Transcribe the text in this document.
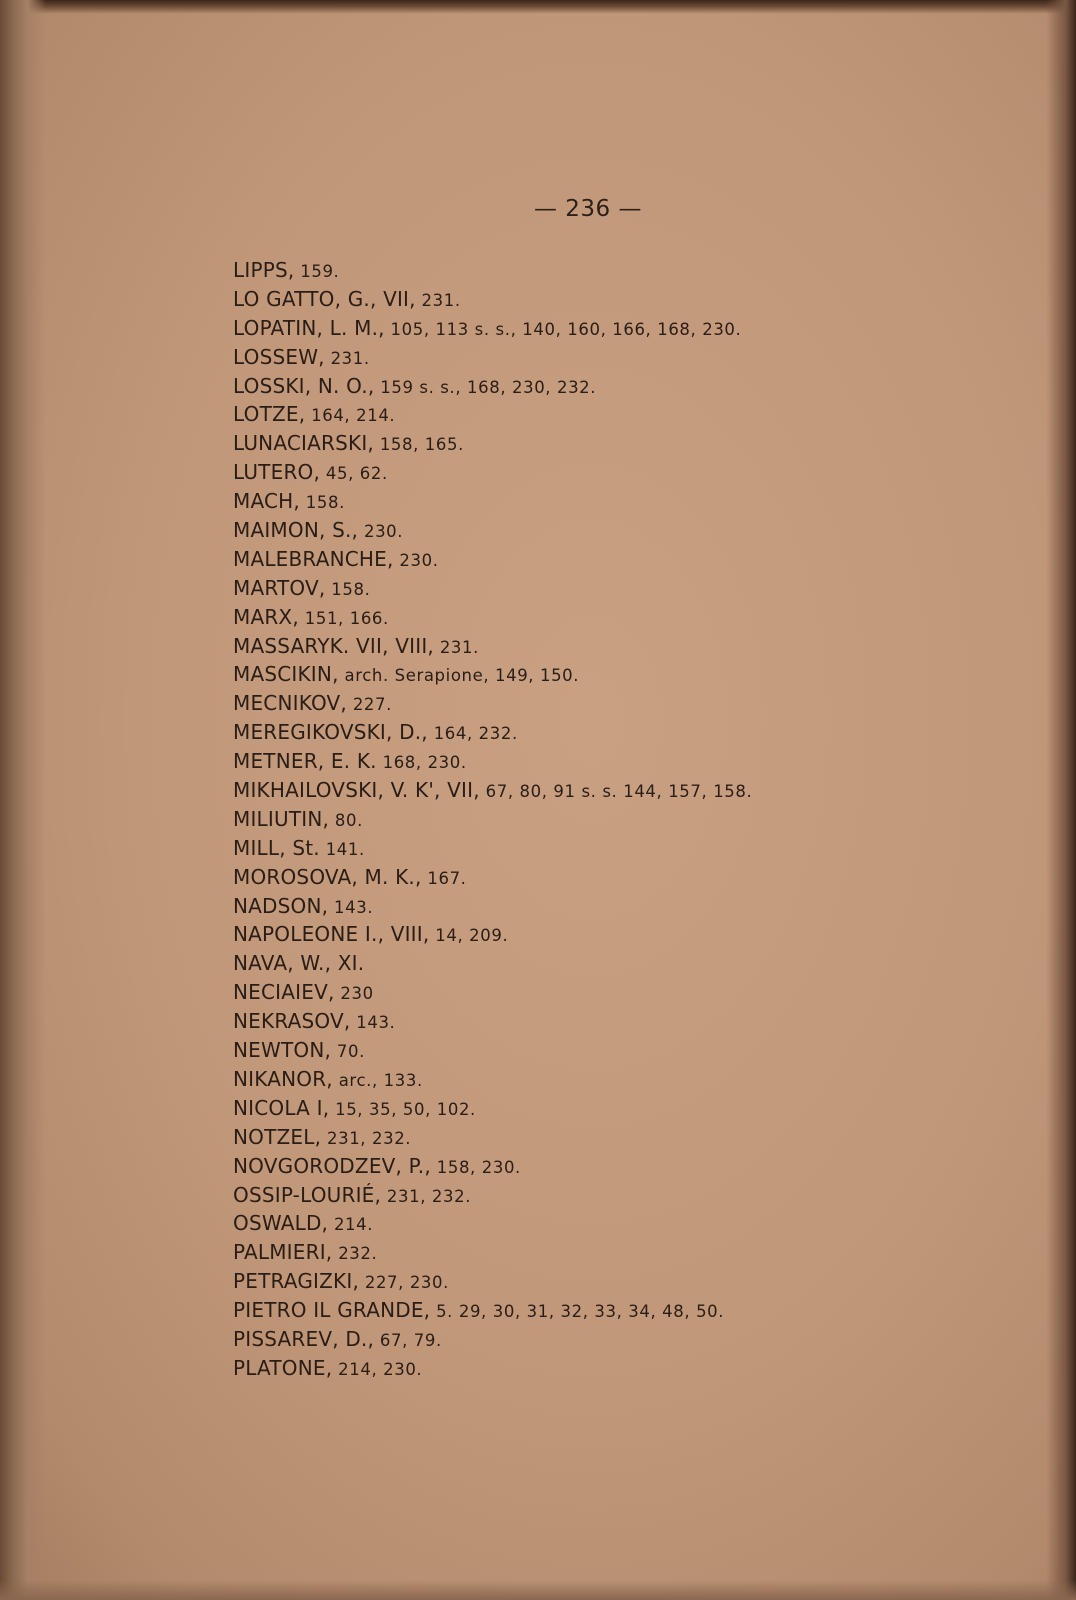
— 236 —
LIPPS, 159.
LO GATTO, G., VII, 231.
LOPATIN, L. M., 105, 113 s. s., 140, 160, 166, 168, 230.
LOSSEW, 231.
LOSSKI, N. O., 159 s. s., 168, 230, 232.
LOTZE, 164, 214.
LUNACIARSKI, 158, 165.
LUTERO, 45, 62.
MACH, 158.
MAIMON, S., 230.
MALEBRANCHE, 230.
MARTOV, 158.
MARX, 151, 166.
MASSARYK. VII, VIII, 231.
MASCIKIN, arch. Serapione, 149, 150.
MECNIKOV, 227.
MEREGIKOVSKI, D., 164, 232.
METNER, E. K. 168, 230.
MIKHAILOVSKI, V. K', VII, 67, 80, 91 s. s. 144, 157, 158.
MILIUTIN, 80.
MILL, St. 141.
MOROSOVA, M. K., 167.
NADSON, 143.
NAPOLEONE I., VIII, 14, 209.
NAVA, W., XI.
NECIAIEV, 230
NEKRASOV, 143.
NEWTON, 70.
NIKANOR, arc., 133.
NICOLA I, 15, 35, 50, 102.
NOTZEL, 231, 232.
NOVGORODZEV, P., 158, 230.
OSSIP-LOURIÉ, 231, 232.
OSWALD, 214.
PALMIERI, 232.
PETRAGIZKI, 227, 230.
PIETRO IL GRANDE, 5. 29, 30, 31, 32, 33, 34, 48, 50.
PISSAREV, D., 67, 79.
PLATONE, 214, 230.
